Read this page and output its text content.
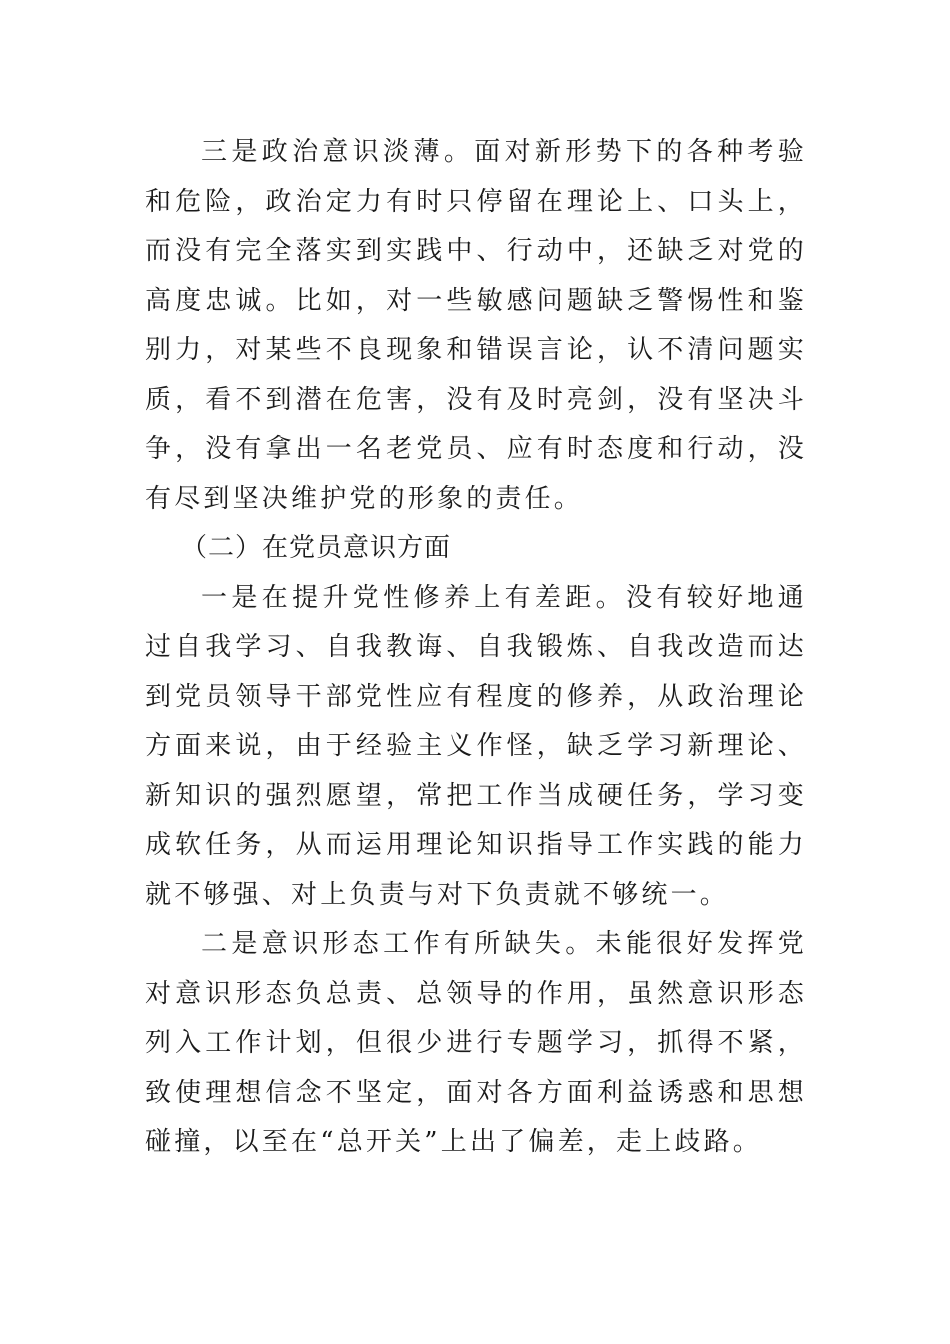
三是政治意识淡薄。面对新形势下的各种考验和危险，政治定力有时只停留在理论上、口头上，而没有完全落实到实践中、行动中，还缺乏对党的高度忠诚。比如，对一些敏感问题缺乏警惕性和鉴别力，对某些不良现象和错误言论，认不清问题实质，看不到潜在危害，没有及时亮剑，没有坚决斗争，没有拿出一名老党员、应有时态度和行动，没有尽到坚决维护党的形象的责任。

（二）在党员意识方面

一是在提升党性修养上有差距。没有较好地通过自我学习、自我教诲、自我锻炼、自我改造而达到党员领导干部党性应有程度的修养，从政治理论方面来说，由于经验主义作怪，缺乏学习新理论、新知识的强烈愿望，常把工作当成硬任务，学习变成软任务，从而运用理论知识指导工作实践的能力就不够强、对上负责与对下负责就不够统一。

二是意识形态工作有所缺失。未能很好发挥党对意识形态负总责、总领导的作用，虽然意识形态列入工作计划，但很少进行专题学习，抓得不紧，致使理想信念不坚定，面对各方面利益诱惑和思想碰撞，以至在“总开关”上出了偏差，走上歧路。
